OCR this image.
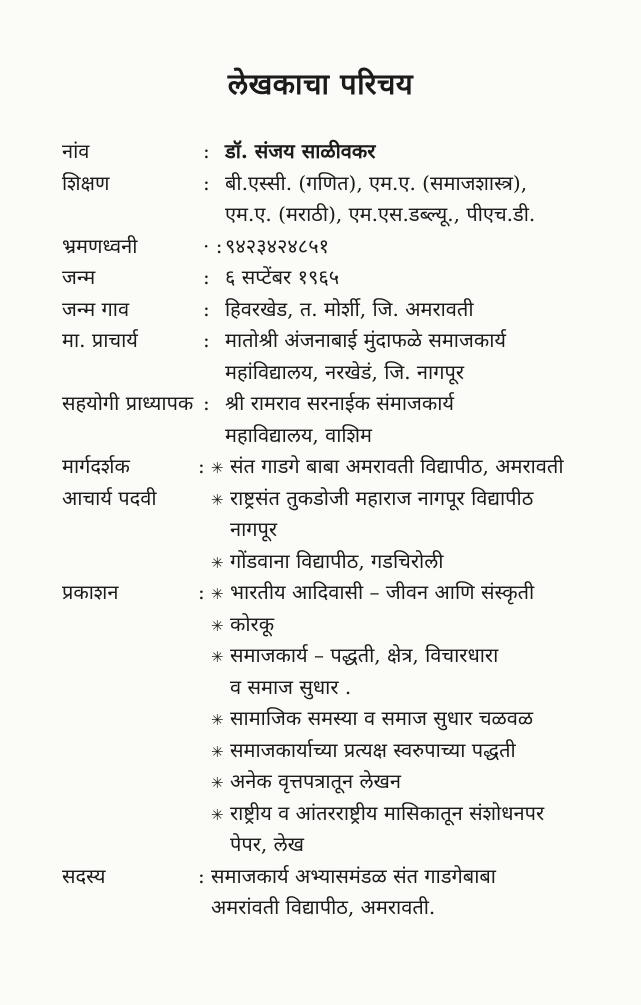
लेखकाचा परिचय
नांव	: डॉ. संजय साळीवकर
शिक्षण	: बी.एस्सी. (गणित), एम.ए. (समाजशास्त्र),
एम.ए. (मराठी), एम.एस.डब्ल्यू., पीएच.डी.
भ्रमणध्वनी	· : ९४२३४२४८५१
जन्म	: ६ सप्टेंबर १९६५
जन्म गाव	: हिवरखेड, त. मोर्शी, जि. अमरावती
मा. प्राचार्य	: मातोश्री अंजनाबाई मुंदाफळे समाजकार्य
महांविद्यालय, नरखेडं, जि. नागपूर
सहयोगी प्राध्यापक : श्री रामराव सरनाईक संमाजकार्य
महाविद्यालय, वाशिम
मार्गदर्शक	: ✳ संत गाडगे बाबा अमरावती विद्यापीठ, अमरावती
आचार्य पदवी	✳ राष्ट्रसंत तुकडोजी महाराज नागपूर विद्यापीठ
नागपूर
✳ गोंडवाना विद्यापीठ, गडचिरोली
प्रकाशन	: ✳ भारतीय आदिवासी – जीवन आणि संस्कृती
✳ कोरकू
✳ समाजकार्य – पद्धती, क्षेत्र, विचारधारा
व समाज सुधार .
✳ सामाजिक समस्या व समाज सुधार चळवळ
✳ समाजकार्याच्या प्रत्यक्ष स्वरुपाच्या पद्धती
✳ अनेक वृत्तपत्रातून लेखन
✳ राष्ट्रीय व आंतरराष्ट्रीय मासिकातून संशोधनपर
पेपर, लेख
सदस्य	: समाजकार्य अभ्यासमंडळ संत गाडगेबाबा
अमरांवती विद्यापीठ, अमरावती.
